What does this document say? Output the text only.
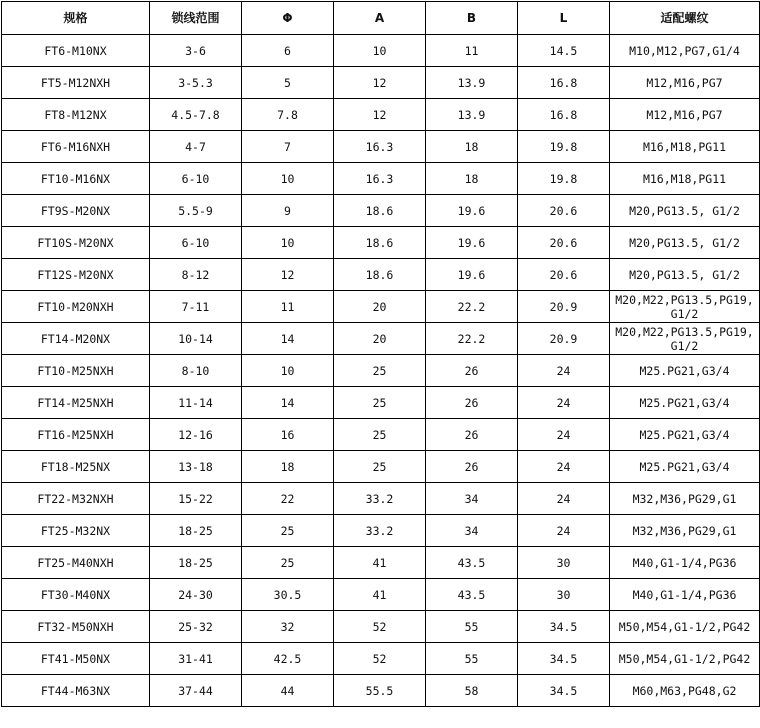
规格	锁线范围	Φ	A	B	L	适配螺纹
FT6-M10NX	3-6	6	10	11	14.5	M10,M12,PG7,G1/4
FT5-M12NXH	3-5.3	5	12	13.9	16.8	M12,M16,PG7
FT8-M12NX	4.5-7.8	7.8	12	13.9	16.8	M12,M16,PG7
FT6-M16NXH	4-7	7	16.3	18	19.8	M16,M18,PG11
FT10-M16NX	6-10	10	16.3	18	19.8	M16,M18,PG11
FT9S-M20NX	5.5-9	9	18.6	19.6	20.6	M20,PG13.5, G1/2
FT10S-M20NX	6-10	10	18.6	19.6	20.6	M20,PG13.5, G1/2
FT12S-M20NX	8-12	12	18.6	19.6	20.6	M20,PG13.5, G1/2
FT10-M20NXH	7-11	11	20	22.2	20.9	M20,M22,PG13.5,PG19,G1/2
FT14-M20NX	10-14	14	20	22.2	20.9	M20,M22,PG13.5,PG19,G1/2
FT10-M25NXH	8-10	10	25	26	24	M25.PG21,G3/4
FT14-M25NXH	11-14	14	25	26	24	M25.PG21,G3/4
FT16-M25NXH	12-16	16	25	26	24	M25.PG21,G3/4
FT18-M25NX	13-18	18	25	26	24	M25.PG21,G3/4
FT22-M32NXH	15-22	22	33.2	34	24	M32,M36,PG29,G1
FT25-M32NX	18-25	25	33.2	34	24	M32,M36,PG29,G1
FT25-M40NXH	18-25	25	41	43.5	30	M40,G1-1/4,PG36
FT30-M40NX	24-30	30.5	41	43.5	30	M40,G1-1/4,PG36
FT32-M50NXH	25-32	32	52	55	34.5	M50,M54,G1-1/2,PG42
FT41-M50NX	31-41	42.5	52	55	34.5	M50,M54,G1-1/2,PG42
FT44-M63NX	37-44	44	55.5	58	34.5	M60,M63,PG48,G2
